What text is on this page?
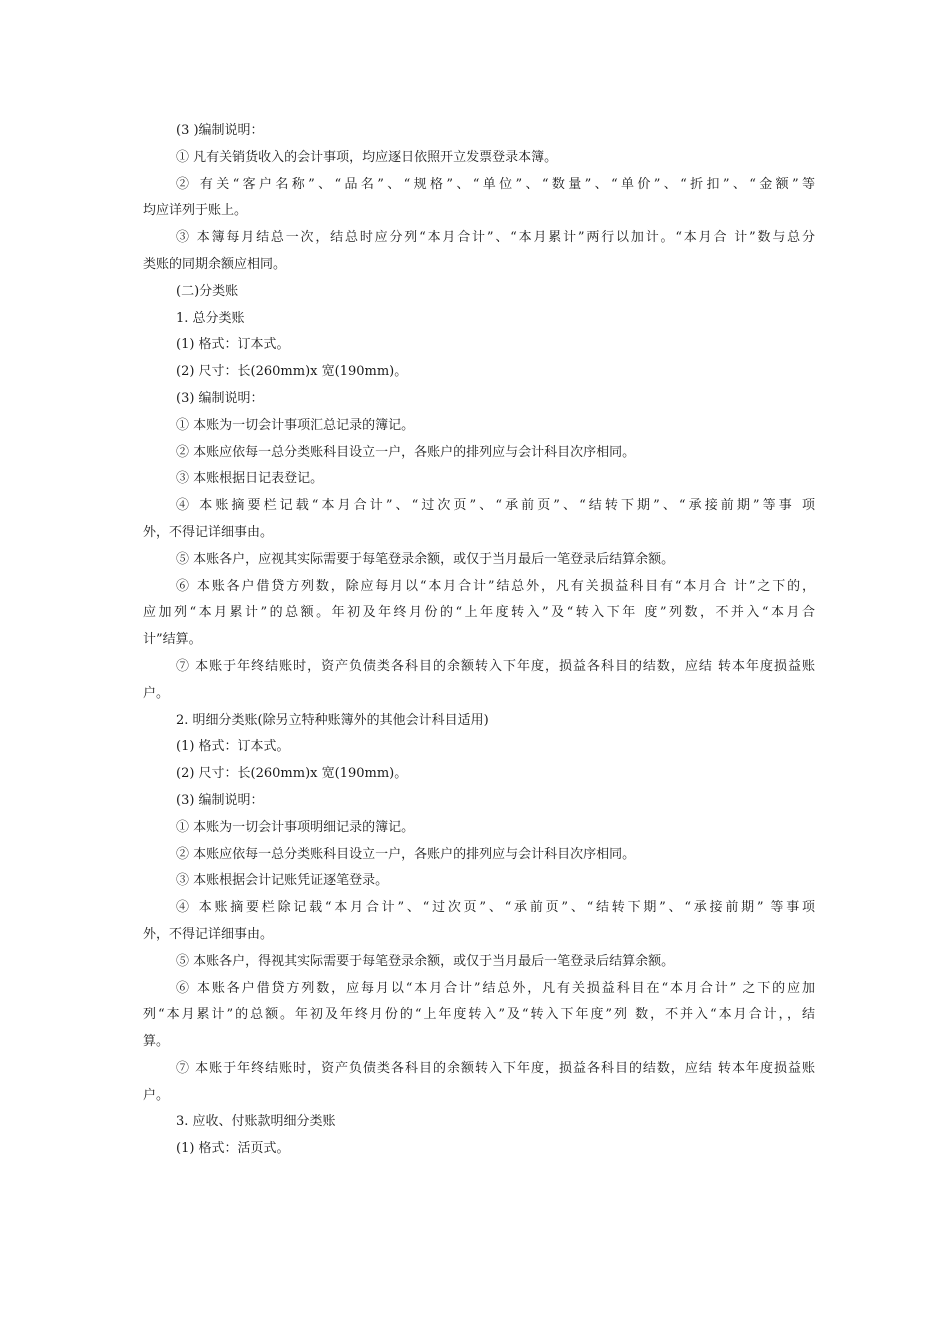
(3 )编制说明：
① 凡有关销货收入的会计事项，均应逐日依照开立发票登录本簿。
② 有关“客户名称”、“品名”、“规格”、“单位”、“数量”、“单价”、“折扣”、“金额”等
均应详列于账上。
③ 本簿每月结总一次，结总时应分列“本月合计”、“本月累计”两行以加计。“本月合 计”数与总分
类账的同期余额应相同。
(二)分类账
1. 总分类账
(1) 格式：订本式。
(2) 尺寸：长(260mm)x 宽(190mm)。
(3) 编制说明：
① 本账为一切会计事项汇总记录的簿记。
② 本账应依每一总分类账科目设立一户，各账户的排列应与会计科目次序相同。
③ 本账根据日记表登记。
④ 本账摘要栏记载“本月合计”、“过次页”、“承前页”、“结转下期”、“承接前期”等事 项
外，不得记详细事由。
⑤ 本账各户，应视其实际需要于每笔登录余额，或仅于当月最后一笔登录后结算余额。
⑥ 本账各户借贷方列数，除应每月以“本月合计”结总外，凡有关损益科目有“本月合 计”之下的，
应加列“本月累计”的总额。年初及年终月份的“上年度转入”及“转入下年 度”列数，不并入“本月合
计”结算。
⑦ 本账于年终结账时，资产负债类各科目的余额转入下年度，损益各科目的结数，应结 转本年度损益账
户。
2. 明细分类账(除另立特种账簿外的其他会计科目适用)
(1) 格式：订本式。
(2) 尺寸：长(260mm)x 宽(190mm)。
(3) 编制说明：
① 本账为一切会计事项明细记录的簿记。
② 本账应依每一总分类账科目设立一户，各账户的排列应与会计科目次序相同。
③ 本账根据会计记账凭证逐笔登录。
④ 本账摘要栏除记载“本月合计”、“过次页”、“承前页”、“结转下期”、“承接前期” 等事项
外，不得记详细事由。
⑤ 本账各户，得视其实际需要于每笔登录余额，或仅于当月最后一笔登录后结算余额。
⑥ 本账各户借贷方列数，应每月以“本月合计”结总外，凡有关损益科目在“本月合计” 之下的应加
列“本月累计”的总额。年初及年终月份的“上年度转入”及“转入下年度”列 数，不并入“本月合计，，结
算。
⑦ 本账于年终结账时，资产负债类各科目的余额转入下年度，损益各科目的结数，应结 转本年度损益账
户。
3. 应收、付账款明细分类账
(1) 格式：活页式。
